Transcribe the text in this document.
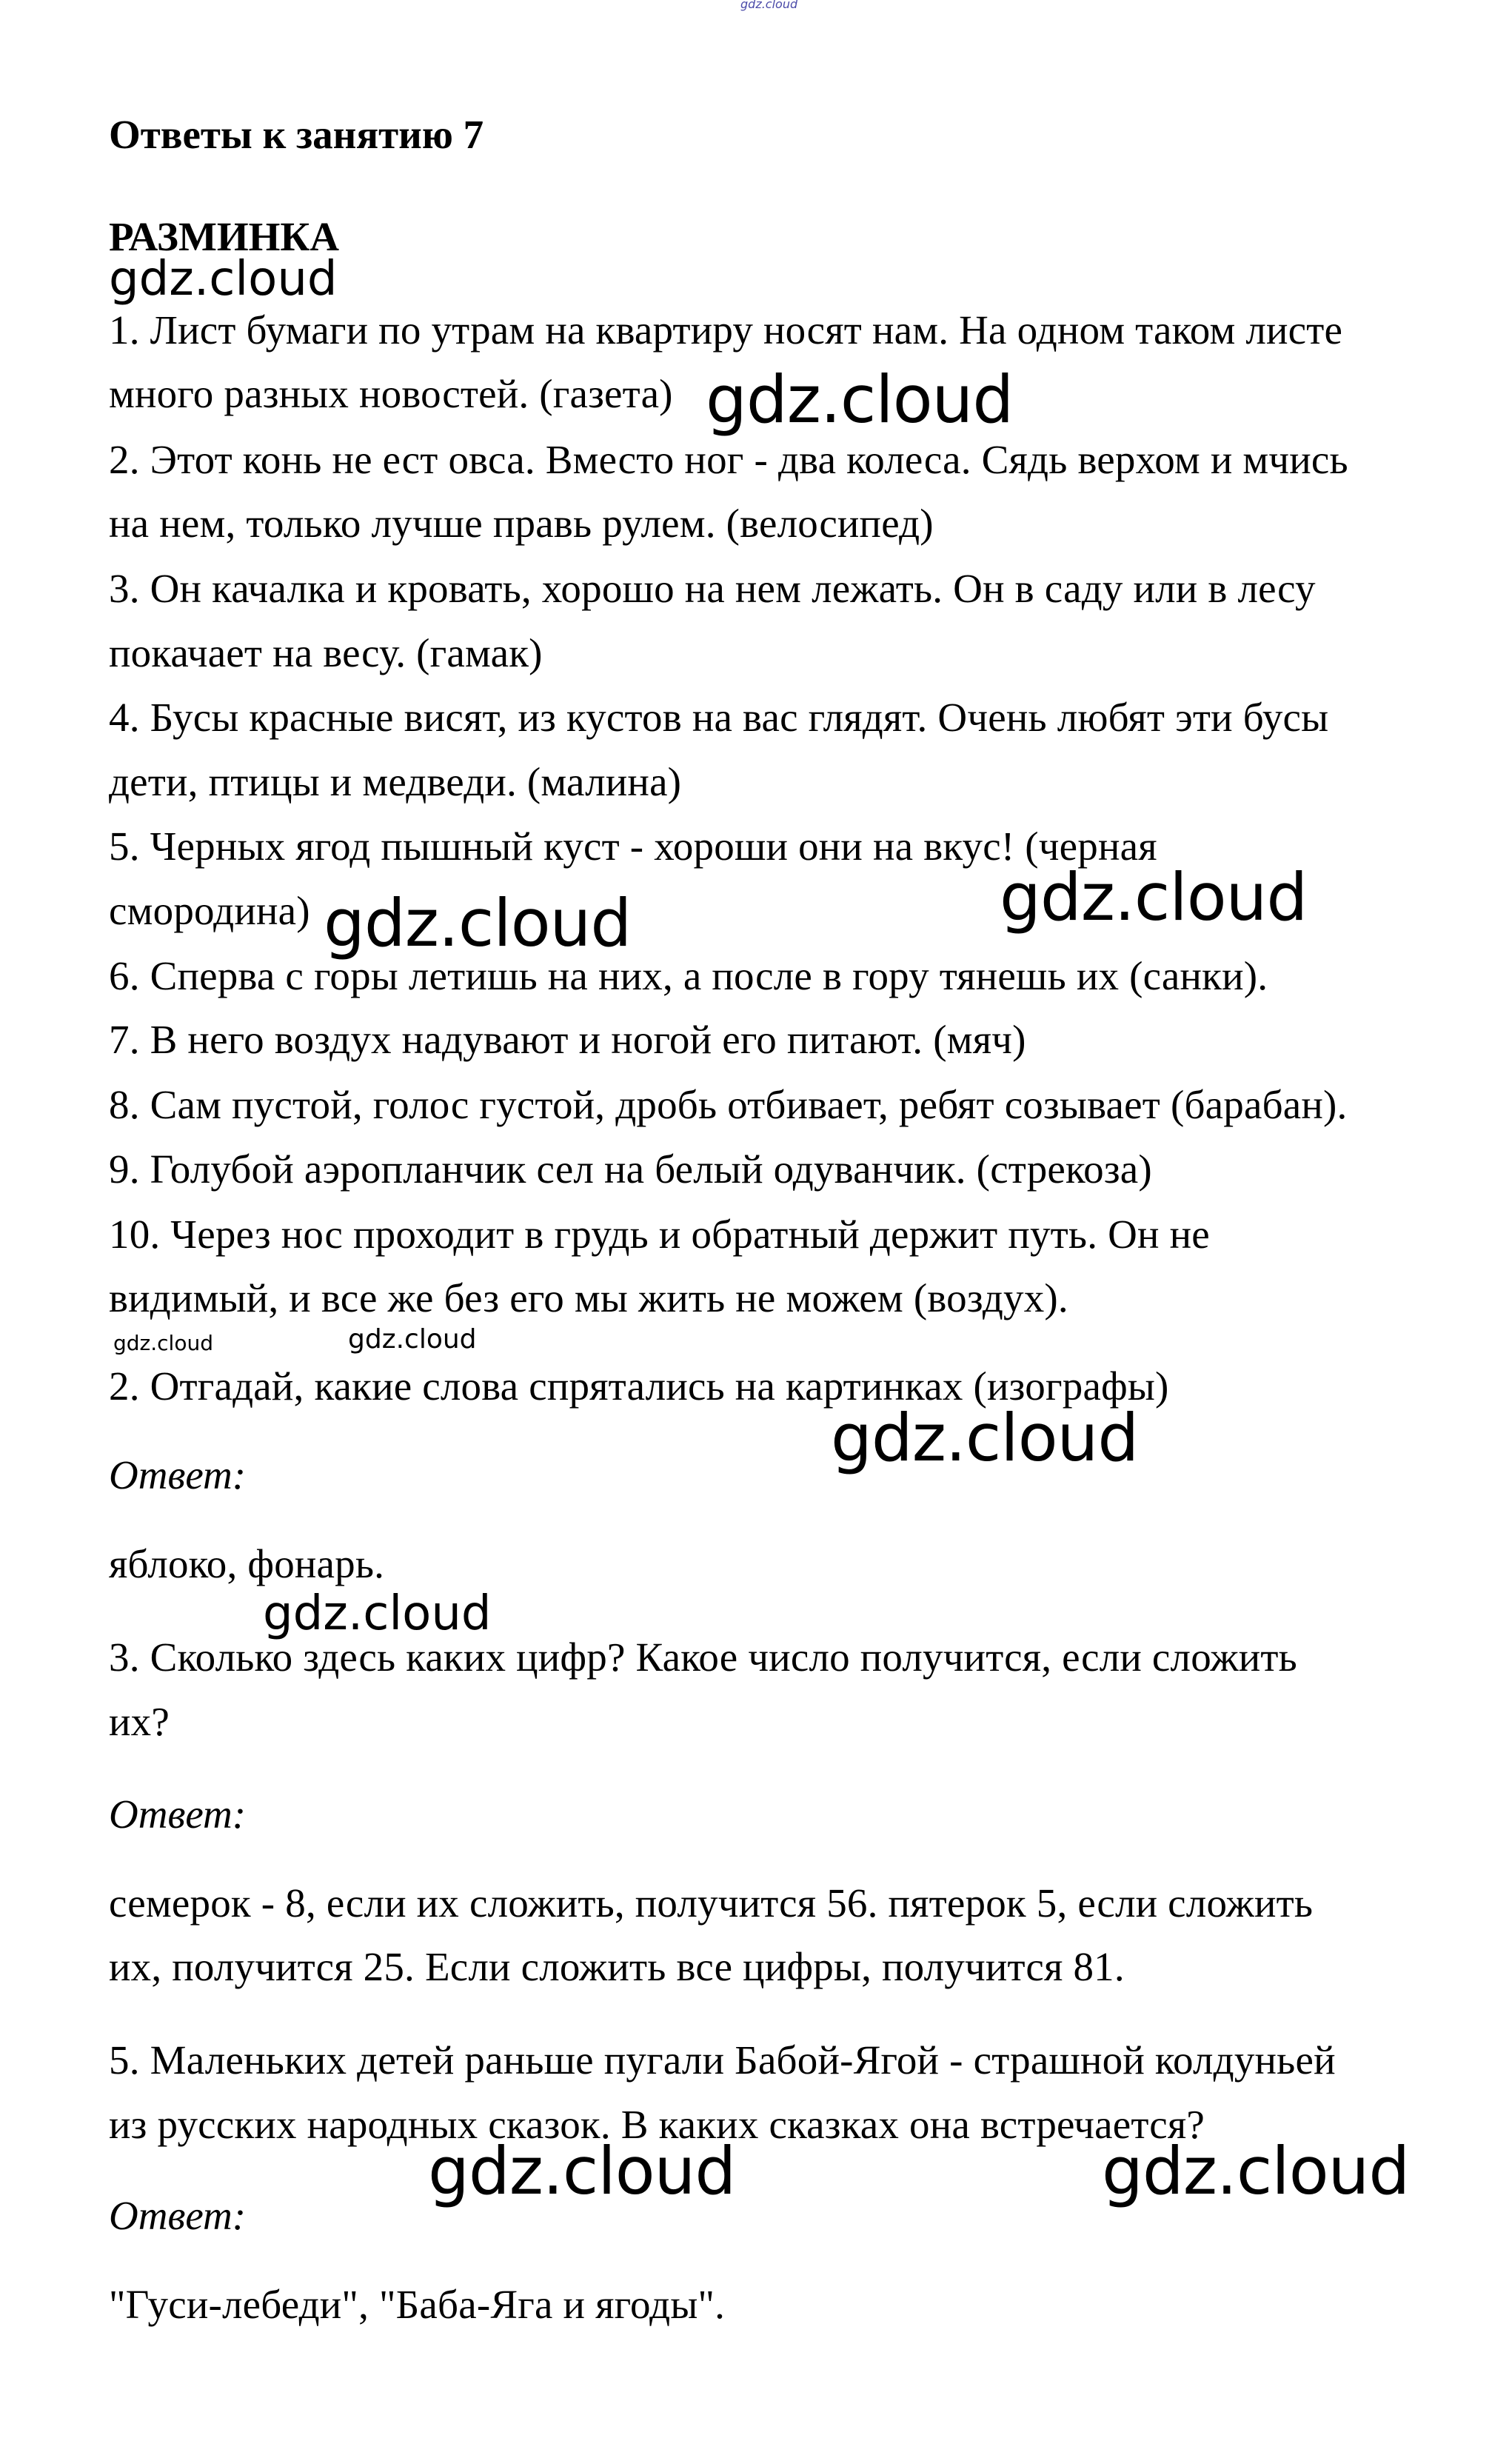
gdz.cloud
Ответы к занятию 7
РАЗМИНКА
1. Лист бумаги по утрам на квартиру носят нам. На одном таком листе
много разных новостей. (газета)
2. Этот конь не ест овса. Вместо ног - два колеса. Сядь верхом и мчись
на нем, только лучше правь рулем. (велосипед)
3. Он качалка и кровать, хорошо на нем лежать. Он в саду или в лесу
покачает на весу. (гамак)
4. Бусы красные висят, из кустов на вас глядят. Очень любят эти бусы
дети, птицы и медведи. (малина)
5. Черных ягод пышный куст - хороши они на вкус! (черная
смородина)
6. Сперва с горы летишь на них, а после в гору тянешь их (санки).
7. В него воздух надувают и ногой его питают. (мяч)
8. Сам пустой, голос густой, дробь отбивает, ребят созывает (барабан).
9. Голубой аэропланчик сел на белый одуванчик. (стрекоза)
10. Через нос проходит в грудь и обратный держит путь. Он не
видимый, и все же без его мы жить не можем (воздух).
2. Отгадай, какие слова спрятались на картинках (изографы)
Ответ:
яблоко, фонарь.
3. Сколько здесь каких цифр? Какое число получится, если сложить
их?
Ответ:
семерок - 8, если их сложить, получится 56. пятерок 5, если сложить
их, получится 25. Если сложить все цифры, получится 81.
5. Маленьких детей раньше пугали Бабой-Ягой - страшной колдуньей
из русских народных сказок. В каких сказках она встречается?
Ответ:
"Гуси-лебеди", "Баба-Яга и ягоды".
gdz.cloud
gdz.cloud
gdz.cloud
gdz.cloud
gdz.cloud	gdz.cloud
gdz.cloud
gdz.cloud
gdz.cloud	gdz.cloud
